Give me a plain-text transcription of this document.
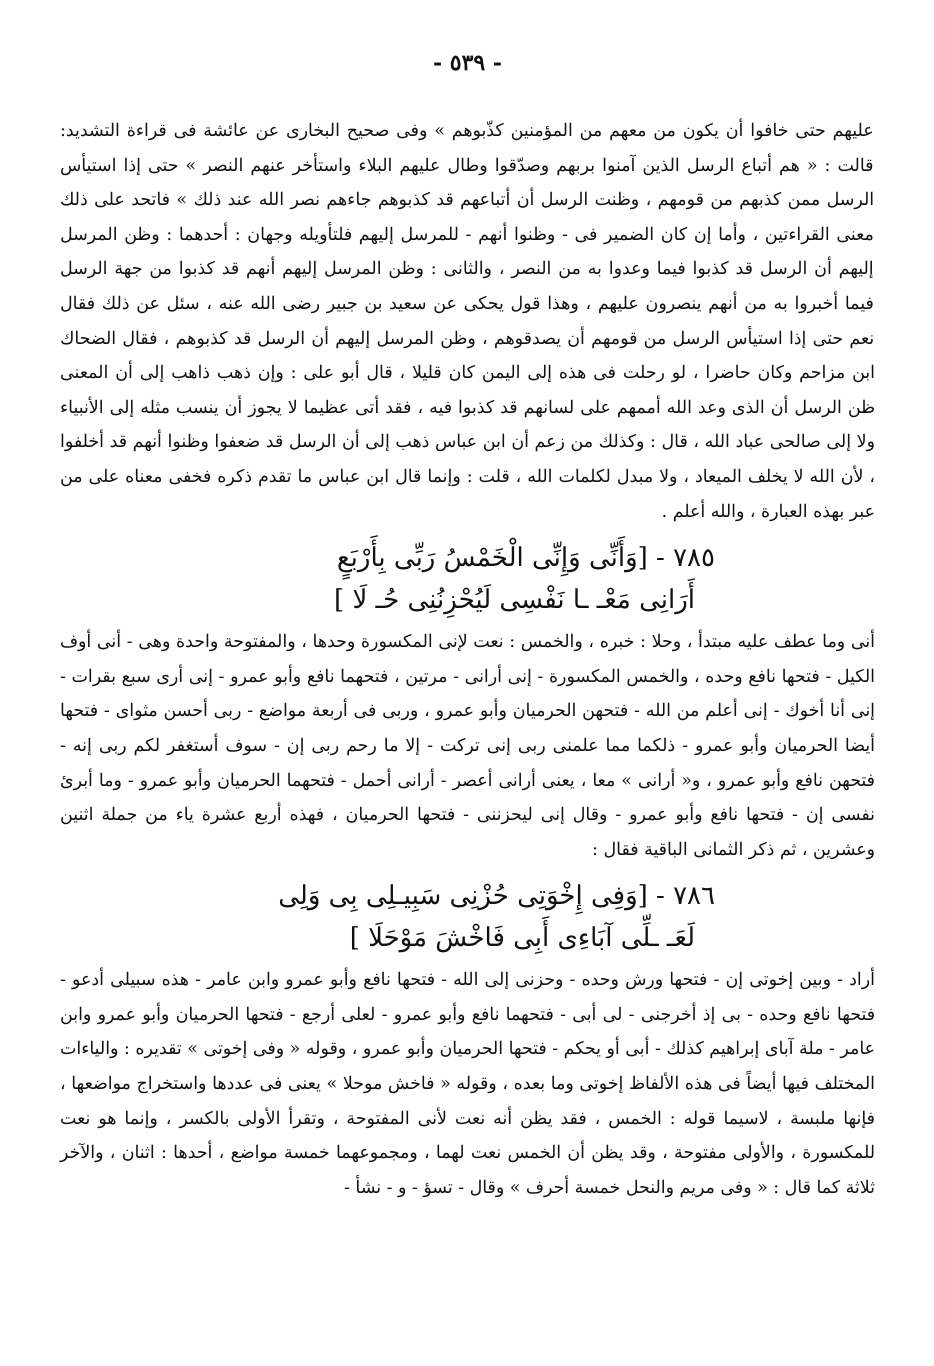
- ٥٣٩ -

عليهم حتى خافوا أن يكون من معهم من المؤمنين كذّبوهم » وفى صحيح البخارى عن عائشة فى قراءة التشديد: قالت : « هم أتباع الرسل الذين آمنوا بربهم وصدّقوا وطال عليهم البلاء واستأخر عنهم النصر » حتى إذا استيأس الرسل ممن كذبهم من قومهم ، وظنت الرسل أن أتباعهم قد كذبوهم جاءهم نصر الله عند ذلك » فاتحد على ذلك معنى القراءتين ، وأما إن كان الضمير فى - وظنوا أنهم - للمرسل إليهم فلتأويله وجهان : أحدهما : وظن المرسل إليهم أن الرسل قد كذبوا فيما وعدوا به من النصر ، والثانى : وظن المرسل إليهم أنهم قد كذبوا من جهة الرسل فيما أخبروا به من أنهم ينصرون عليهم ، وهذا قول يحكى عن سعيد بن جبير رضى الله عنه ، سئل عن ذلك فقال نعم حتى إذا استيأس الرسل من قومهم أن يصدقوهم ، وظن المرسل إليهم أن الرسل قد كذبوهم ، فقال الضحاك ابن مزاحم وكان حاضرا ، لو رحلت فى هذه إلى اليمن كان قليلا ، قال أبو على : وإن ذهب ذاهب إلى أن المعنى ظن الرسل أن الذى وعد الله أممهم على لسانهم قد كذبوا فيه ، فقد أتى عظيما لا يجوز أن ينسب مثله إلى الأنبياء ولا إلى صالحى عباد الله ، قال : وكذلك من زعم أن ابن عباس ذهب إلى أن الرسل قد ضعفوا وظنوا أنهم قد أخلفوا ، لأن الله لا يخلف الميعاد ، ولا مبدل لكلمات الله ، قلت : وإنما قال ابن عباس ما تقدم ذكره فخفى معناه على من عبر بهذه العبارة ، والله أعلم .

٧٨٥ - [وَأَنِّى وَإِنِّى الْخَمْسُ رَبِّى بِأَرْبَعٍ
أَرَانِى مَعْـ ـا نَفْسِى لَيُحْزِنُنِى حُـ لَا ]

أنى وما عطف عليه مبتدأ ، وحلا : خبره ، والخمس : نعت لإنى المكسورة وحدها ، والمفتوحة واحدة وهى - أنى أوف الكيل - فتحها نافع وحده ، والخمس المكسورة - إنى أرانى - مرتين ، فتحهما نافع وأبو عمرو - إنى أرى سبع بقرات - إنى أنا أخوك - إنى أعلم من الله - فتحهن الحرميان وأبو عمرو ، وربى فى أربعة مواضع - ربى أحسن مثواى - فتحها أيضا الحرميان وأبو عمرو - ذلكما مما علمنى ربى إنى تركت - إلا ما رحم ربى إن - سوف أستغفر لكم ربى إنه - فتحهن نافع وأبو عمرو ، و« أرانى » معا ، يعنى أرانى أعصر - أرانى أحمل - فتحهما الحرميان وأبو عمرو - وما أبرئ نفسى إن - فتحها نافع وأبو عمرو - وقال إنى ليحزننى - فتحها الحرميان ، فهذه أربع عشرة ياء من جملة اثنين وعشرين ، ثم ذكر الثمانى الباقية فقال :

٧٨٦ - [وَفِى إِخْوَتِى حُزْنِى سَبِيـلِى بِى وَلِى
لَعَـ ـلِّى آبَاءِى أَبِى فَاخْشَ مَوْحَلَا ]

أراد - وبين إخوتى إن - فتحها ورش وحده - وحزنى إلى الله - فتحها نافع وأبو عمرو وابن عامر - هذه سبيلى أدعو - فتحها نافع وحده - بى إذ أخرجنى - لى أبى - فتحهما نافع وأبو عمرو - لعلى أرجع - فتحها الحرميان وأبو عمرو وابن عامر - ملة آباى إبراهيم كذلك - أبى أو يحكم - فتحها الحرميان وأبو عمرو ، وقوله « وفى إخوتى » تقديره : والياءات المختلف فيها أيضاً فى هذه الألفاظ إخوتى وما بعده ، وقوله « فاخش موحلا » يعنى فى عددها واستخراج مواضعها ، فإنها ملبسة ، لاسيما قوله : الخمس ، فقد يظن أنه نعت لأنى المفتوحة ، وتقرأ الأولى بالكسر ، وإنما هو نعت للمكسورة ، والأولى مفتوحة ، وقد يظن أن الخمس نعت لهما ، ومجموعهما خمسة مواضع ، أحدها : اثنان ، والآخر ثلاثة كما قال : « وفى مريم والنحل خمسة أحرف » وقال - تسؤ - و - نشأ -
